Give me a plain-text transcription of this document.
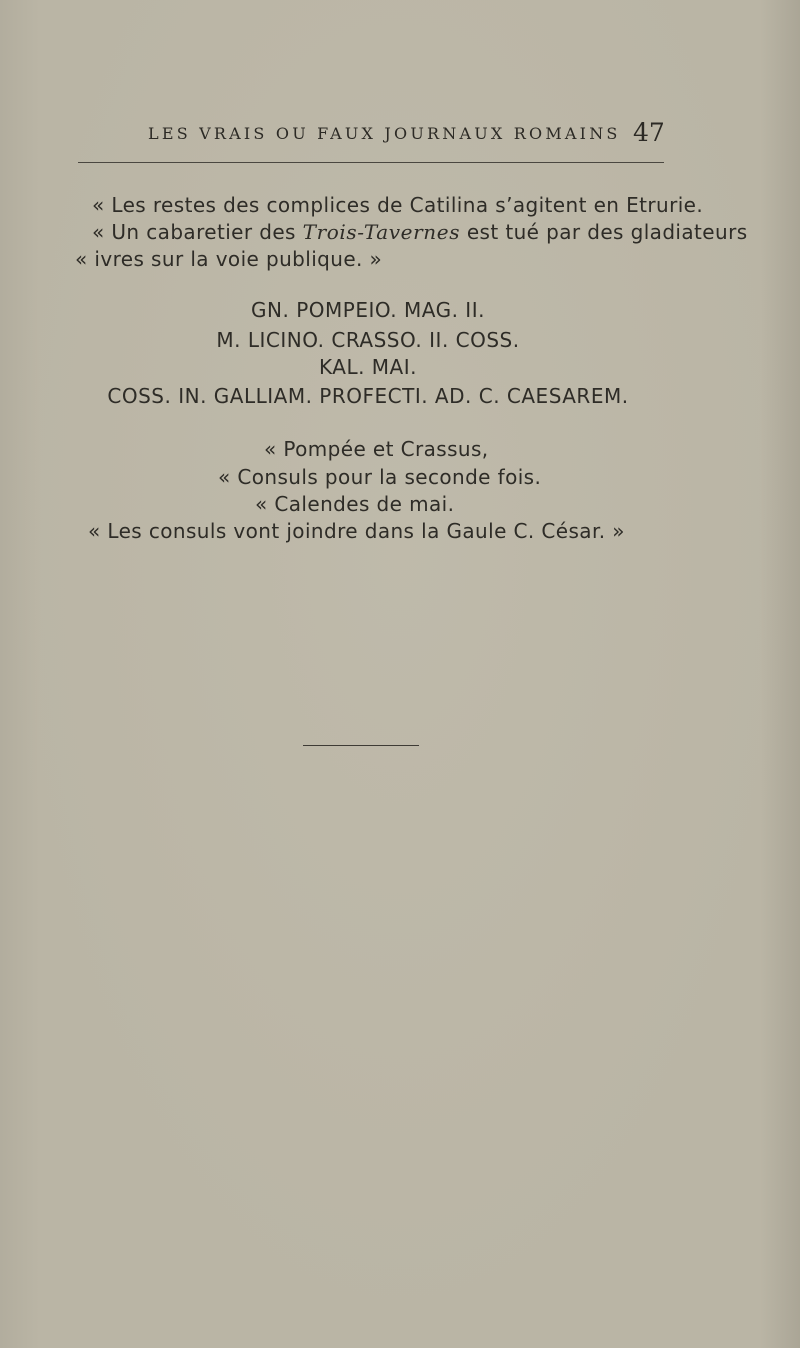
LES VRAIS OU FAUX JOURNAUX ROMAINS 47
« Les restes des complices de Catilina s’agitent en Etrurie.
« Un cabaretier des Trois-Tavernes est tué par des gladiateurs
« ivres sur la voie publique. »
GN. POMPEIO. MAG. II.
M. LICINO. CRASSO. II. COSS.
KAL. MAI.
COSS. IN. GALLIAM. PROFECTI. AD. C. CAESAREM.
« Pompée et Crassus,
« Consuls pour la seconde fois.
« Calendes de mai.
« Les consuls vont joindre dans la Gaule C. César. »
